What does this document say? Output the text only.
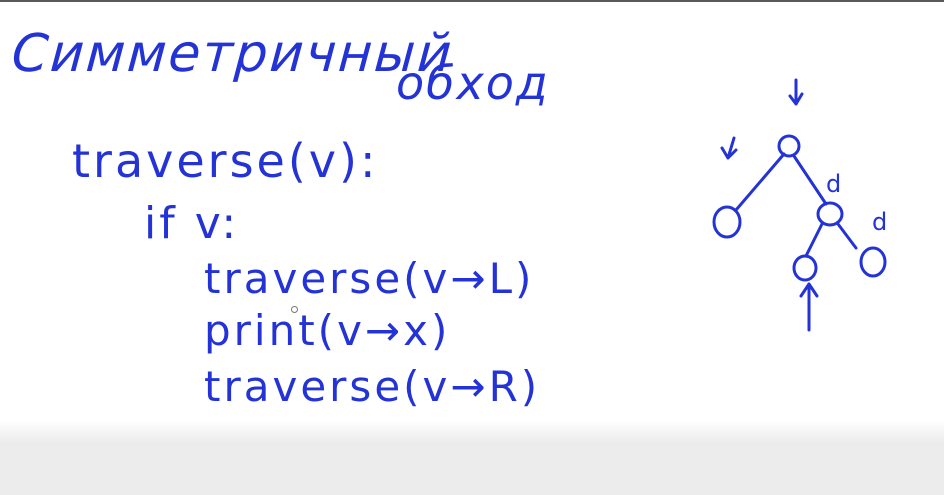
Симметричный
обход
traverse(v):
if v:
traverse(v→L)
print(v→x)
traverse(v→R)
d
d
